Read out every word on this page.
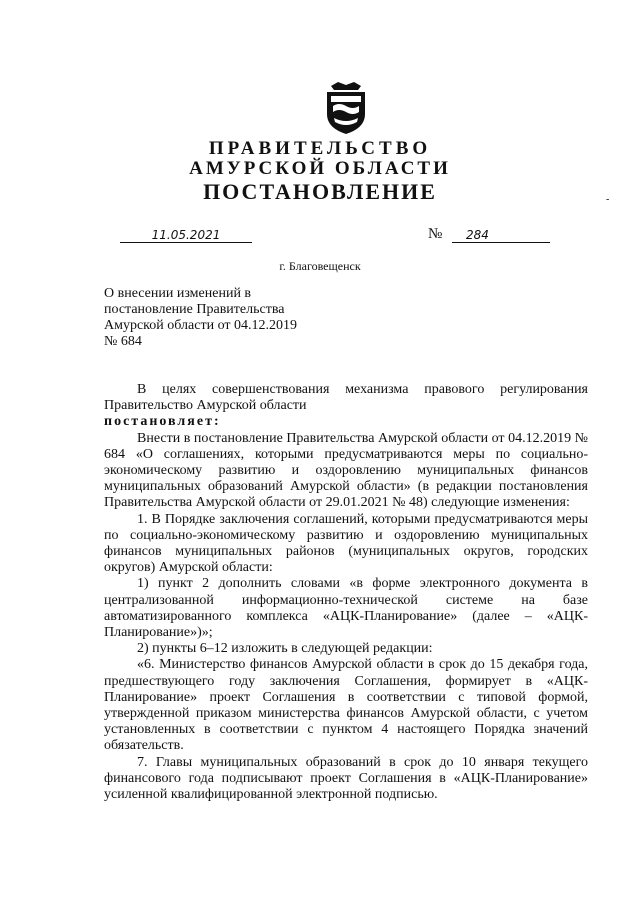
ПРАВИТЕЛЬСТВО
АМУРСКОЙ ОБЛАСТИ
ПОСТАНОВЛЕНИЕ	-
11.05.2021	№	284
г. Благовещенск
О внесении изменений в
постановление Правительства
Амурской области от 04.12.2019
№ 684

В целях совершенствования механизма правового регулирования Правительство Амурской области

постановляет:

Внести в постановление Правительства Амурской области от 04.12.2019 № 684 «О соглашениях, которыми предусматриваются меры по социально-экономическому развитию и оздоровлению муниципальных финансов муниципальных образований Амурской области» (в редакции постановления Правительства Амурской области от 29.01.2021 № 48) следующие изменения:

1. В Порядке заключения соглашений, которыми предусматриваются меры по социально-экономическому развитию и оздоровлению муниципальных финансов муниципальных районов (муниципальных округов, городских округов) Амурской области:

1) пункт 2 дополнить словами «в форме электронного документа в централизованной информационно-технической системе на базе автоматизированного комплекса «АЦК-Планирование» (далее – «АЦК-Планирование»)»;

2) пункты 6–12 изложить в следующей редакции:

«6. Министерство финансов Амурской области в срок до 15 декабря года, предшествующего году заключения Соглашения, формирует в «АЦК-Планирование» проект Соглашения в соответствии с типовой формой, утвержденной приказом министерства финансов Амурской области, с учетом установленных в соответствии с пунктом 4 настоящего Порядка значений обязательств.

7. Главы муниципальных образований в срок до 10 января текущего финансового года подписывают проект Соглашения в «АЦК-Планирование» усиленной квалифицированной электронной подписью.
